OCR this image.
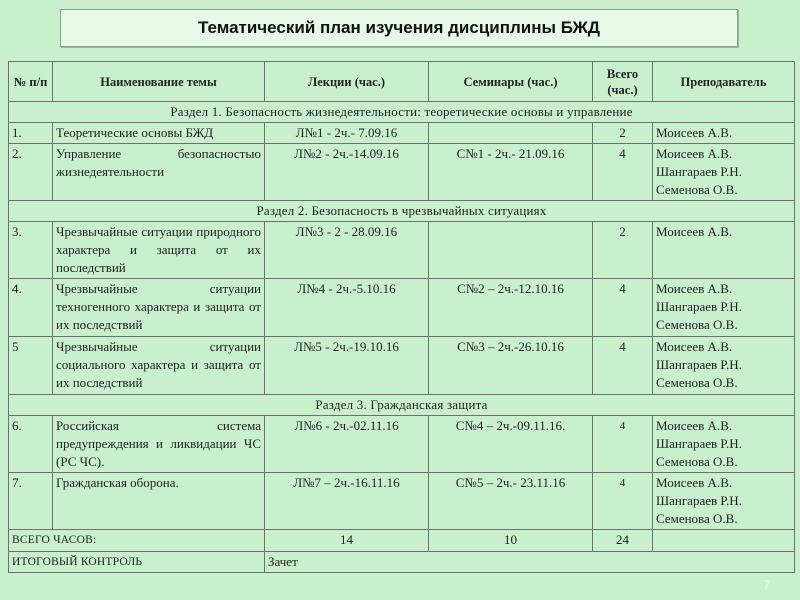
Тематический план изучения дисциплины БЖД
№ п/п	Наименование темы	Лекции (час.)	Семинары (час.)	Всего (час.)	Преподаватель
Раздел 1. Безопасность жизнедеятельности: теоретические основы и управление					
1.	Теоретические основы БЖД	Л№1 - 2ч.- 7.09.16		2	Моисеев А.В.

2.	Управление безопасностью жизнедеятельности	Л№2 - 2ч.-14.09.16	С№1 - 2ч.- 21.09.16	4	Моисеев А.В.
Шангараев Р.Н.
Семенова О.В.

Раздел 2. Безопасность в чрезвычайных ситуациях					
3.	Чрезвычайные ситуации природного характера и защита от их последствий	Л№3 - 2 - 28.09.16		2	Моисеев А.В.

4.	Чрезвычайные ситуации техногенного характера и защита от их последствий	Л№4 - 2ч.-5.10.16	С№2 – 2ч.-12.10.16	4	Моисеев А.В.
Шангараев Р.Н.
Семенова О.В.

5	Чрезвычайные ситуации социального характера и защита от их последствий	Л№5 - 2ч.-19.10.16	С№3 – 2ч.-26.10.16	4	Моисеев А.В.
Шангараев Р.Н.
Семенова О.В.

Раздел 3. Гражданская защита					
6.	Российская система предупреждения и ликвидации ЧС (РС ЧС).	Л№6 - 2ч.-02.11.16	С№4 – 2ч.-09.11.16.	4	Моисеев А.В.
Шангараев Р.Н.
Семенова О.В.

7.	Гражданская оборона.	Л№7 – 2ч.-16.11.16	С№5 – 2ч.- 23.11.16	4	Моисеев А.В.
Шангараев Р.Н.
Семенова О.В.

ВСЕГО ЧАСОВ:		14	10	24	
ИТОГОВЫЙ КОНТРОЛЬ		Зачет			
7
